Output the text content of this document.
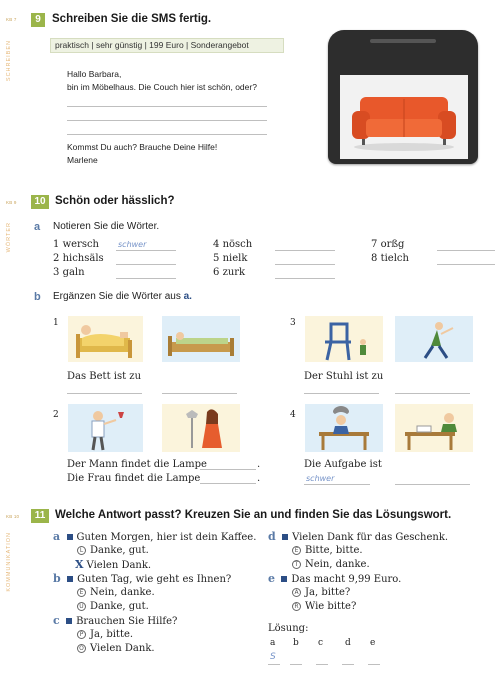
KB 7	9 Schreiben Sie die SMS fertig.
SCHREIBEN	praktisch | sehr günstig | 199 Euro | Sonderangebot
Hallo Barbara,
bin im Möbelhaus. Die Couch hier ist schön, oder?
Kommst Du auch? Brauche Deine Hilfe!
Marlene
KB 9	10 Schön oder hässlich?
WÖRTER a Notieren Sie die Wörter.
1 wersch
2 hichsäls
3 galn
schwer	4 nösch
5 nielk
6 zurk
7 orßg
8 tielch
b Ergänzen Sie die Wörter aus a.
1
Das Bett ist zu
3
Der Stuhl ist zu
2
Der Mann findet die Lampe	.
Die Frau findet die Lampe	.
4
Die Aufgabe ist
schwer
KB 10	11 Welche Antwort passt? Kreuzen Sie an und finden Sie das Lösungswort.
KOMMUNIKATION	a Guten Morgen, hier ist dein Kaffee.
L Danke, gut.
X Vielen Dank.
b Guten Tag, wie geht es Ihnen?
E Nein, danke.
U Danke, gut.
c Brauchen Sie Hilfe?
P Ja, bitte.
O Vielen Dank.
d Vielen Dank für das Geschenk.
E Bitte, bitte.
T Nein, danke.
e Das macht 9,99 Euro.
A Ja, bitte?
R Wie bitte?
Lösung:
a b c d e
S
